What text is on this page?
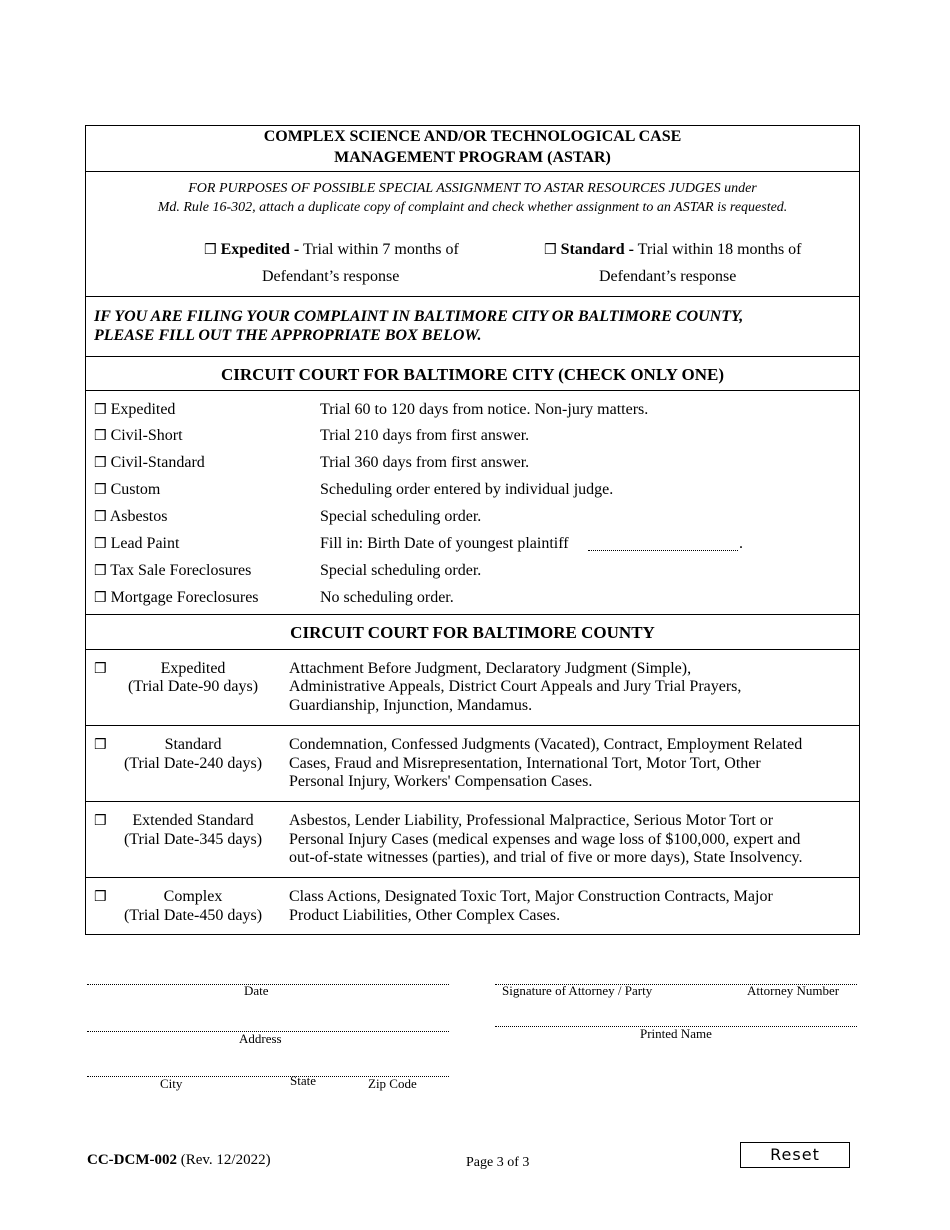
COMPLEX SCIENCE AND/OR TECHNOLOGICAL CASE
MANAGEMENT PROGRAM (ASTAR)
FOR PURPOSES OF POSSIBLE SPECIAL ASSIGNMENT TO ASTAR RESOURCES JUDGES under
Md. Rule 16-302, attach a duplicate copy of complaint and check whether assignment to an ASTAR is requested.
❒ Expedited - Trial within 7 months of
Defendant’s response
❒ Standard - Trial within 18 months of
Defendant’s response
IF YOU ARE FILING YOUR COMPLAINT IN BALTIMORE CITY OR BALTIMORE COUNTY,
PLEASE FILL OUT THE APPROPRIATE BOX BELOW.
CIRCUIT COURT FOR BALTIMORE CITY (CHECK ONLY ONE)
❒ Expedited	Trial 60 to 120 days from notice. Non-jury matters.
❒ Civil-Short	Trial 210 days from first answer.
❒ Civil-Standard	Trial 360 days from first answer.
❒ Custom	Scheduling order entered by individual judge.
❒ Asbestos	Special scheduling order.
❒ Lead Paint	Fill in: Birth Date of youngest plaintiff	.
❒ Tax Sale Foreclosures	Special scheduling order.
❒ Mortgage Foreclosures	No scheduling order.
CIRCUIT COURT FOR BALTIMORE COUNTY
❒	Expedited
(Trial Date-90 days)
Attachment Before Judgment, Declaratory Judgment (Simple),
Administrative Appeals, District Court Appeals and Jury Trial Prayers,
Guardianship, Injunction, Mandamus.
❒	Standard
(Trial Date-240 days)
Condemnation, Confessed Judgments (Vacated), Contract, Employment Related
Cases, Fraud and Misrepresentation, International Tort, Motor Tort, Other
Personal Injury, Workers' Compensation Cases.
❒	Extended Standard
(Trial Date-345 days)
Asbestos, Lender Liability, Professional Malpractice, Serious Motor Tort or
Personal Injury Cases (medical expenses and wage loss of $100,000, expert and
out-of-state witnesses (parties), and trial of five or more days), State Insolvency.
❒	Complex
(Trial Date-450 days)
Class Actions, Designated Toxic Tort, Major Construction Contracts, Major
Product Liabilities, Other Complex Cases.
Date
Address
City	State	Zip Code
Signature of Attorney / Party	Attorney Number
Printed Name
CC-DCM-002 (Rev. 12/2022)	Page 3 of 3	Reset
